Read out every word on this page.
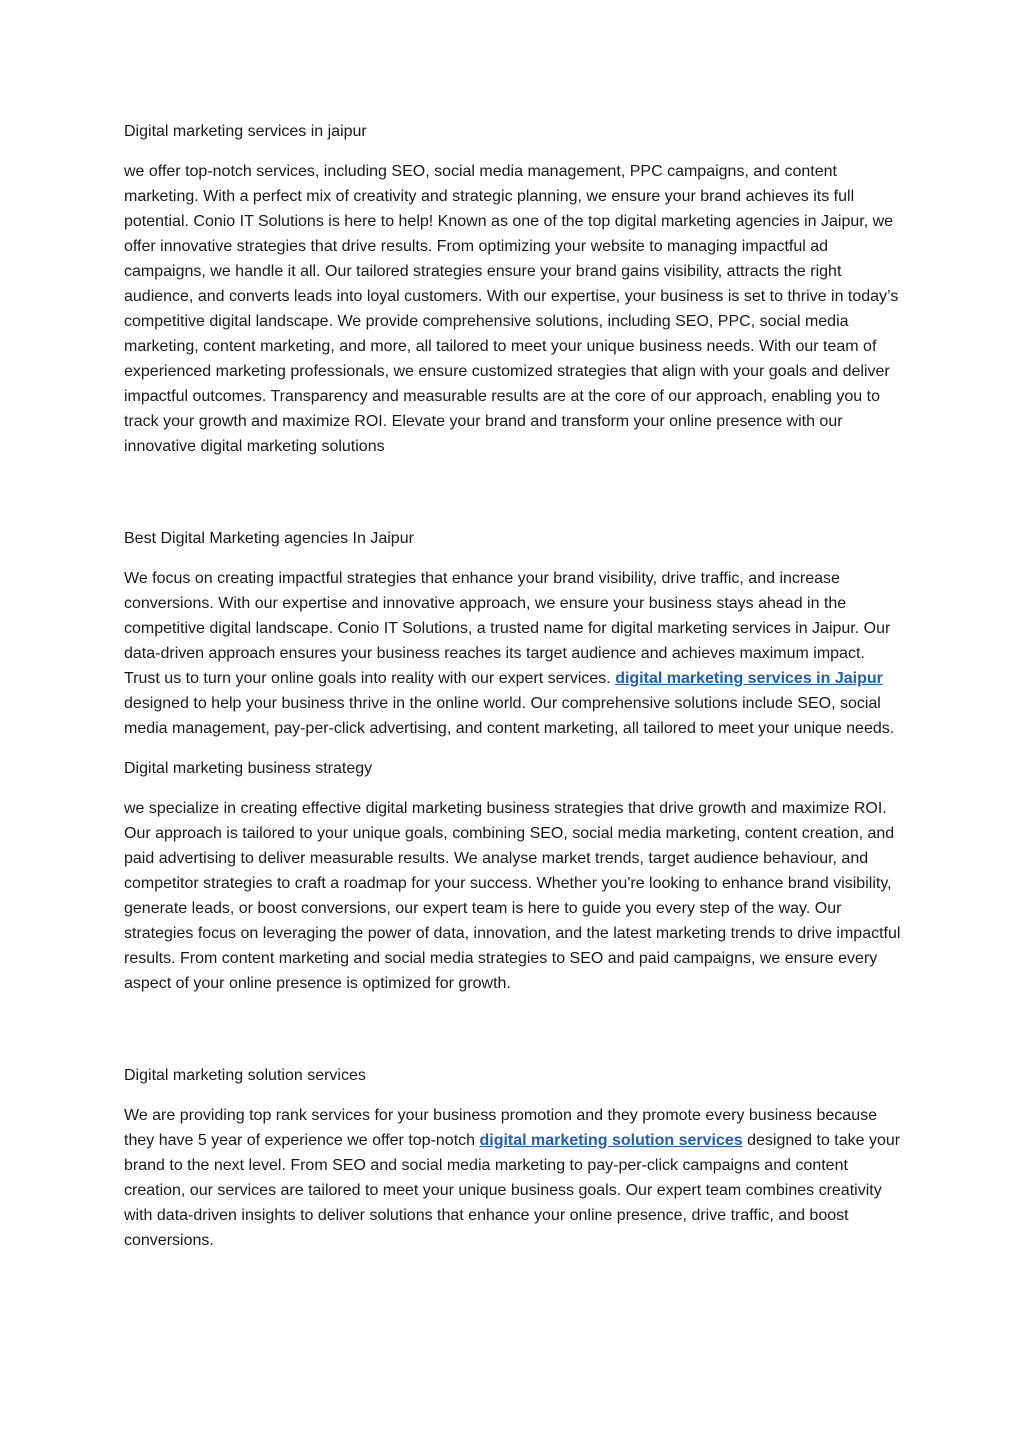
Digital marketing services in jaipur

we offer top-notch services, including SEO, social media management, PPC campaigns, and content marketing. With a perfect mix of creativity and strategic planning, we ensure your brand achieves its full potential. Conio IT Solutions is here to help! Known as one of the top digital marketing agencies in Jaipur, we offer innovative strategies that drive results. From optimizing your website to managing impactful ad campaigns, we handle it all. Our tailored strategies ensure your brand gains visibility, attracts the right audience, and converts leads into loyal customers. With our expertise, your business is set to thrive in today’s competitive digital landscape. We provide comprehensive solutions, including SEO, PPC, social media marketing, content marketing, and more, all tailored to meet your unique business needs. With our team of experienced marketing professionals, we ensure customized strategies that align with your goals and deliver impactful outcomes. Transparency and measurable results are at the core of our approach, enabling you to track your growth and maximize ROI. Elevate your brand and transform your online presence with our innovative digital marketing solutions

Best Digital Marketing agencies In Jaipur

We focus on creating impactful strategies that enhance your brand visibility, drive traffic, and increase conversions. With our expertise and innovative approach, we ensure your business stays ahead in the competitive digital landscape. Conio IT Solutions, a trusted name for digital marketing services in Jaipur. Our data-driven approach ensures your business reaches its target audience and achieves maximum impact. Trust us to turn your online goals into reality with our expert services. digital marketing services in Jaipur designed to help your business thrive in the online world. Our comprehensive solutions include SEO, social media management, pay-per-click advertising, and content marketing, all tailored to meet your unique needs.

Digital marketing business strategy

we specialize in creating effective digital marketing business strategies that drive growth and maximize ROI. Our approach is tailored to your unique goals, combining SEO, social media marketing, content creation, and paid advertising to deliver measurable results. We analyse market trends, target audience behaviour, and competitor strategies to craft a roadmap for your success. Whether you're looking to enhance brand visibility, generate leads, or boost conversions, our expert team is here to guide you every step of the way. Our strategies focus on leveraging the power of data, innovation, and the latest marketing trends to drive impactful results. From content marketing and social media strategies to SEO and paid campaigns, we ensure every aspect of your online presence is optimized for growth.

Digital marketing solution services

We are providing top rank services for your business promotion and they promote every business because they have 5 year of experience we offer top-notch digital marketing solution services designed to take your brand to the next level. From SEO and social media marketing to pay-per-click campaigns and content creation, our services are tailored to meet your unique business goals. Our expert team combines creativity with data-driven insights to deliver solutions that enhance your online presence, drive traffic, and boost conversions.
